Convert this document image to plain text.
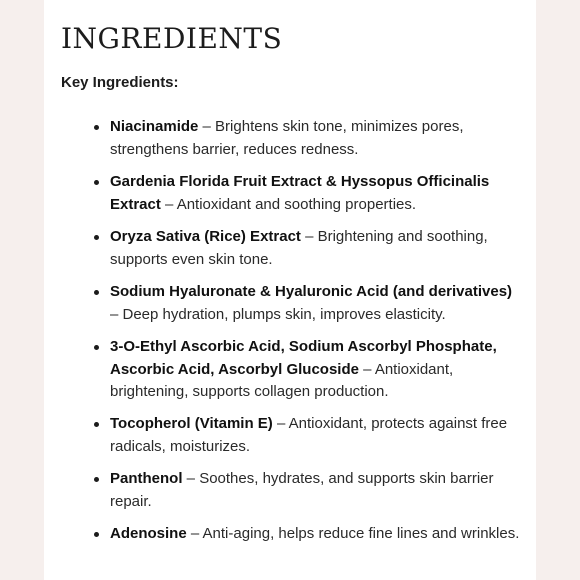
INGREDIENTS
Key Ingredients:
Niacinamide – Brightens skin tone, minimizes pores, strengthens barrier, reduces redness.
Gardenia Florida Fruit Extract & Hyssopus Officinalis Extract – Antioxidant and soothing properties.
Oryza Sativa (Rice) Extract – Brightening and soothing, supports even skin tone.
Sodium Hyaluronate & Hyaluronic Acid (and derivatives) – Deep hydration, plumps skin, improves elasticity.
3-O-Ethyl Ascorbic Acid, Sodium Ascorbyl Phosphate, Ascorbic Acid, Ascorbyl Glucoside – Antioxidant, brightening, supports collagen production.
Tocopherol (Vitamin E) – Antioxidant, protects against free radicals, moisturizes.
Panthenol – Soothes, hydrates, and supports skin barrier repair.
Adenosine – Anti-aging, helps reduce fine lines and wrinkles.
